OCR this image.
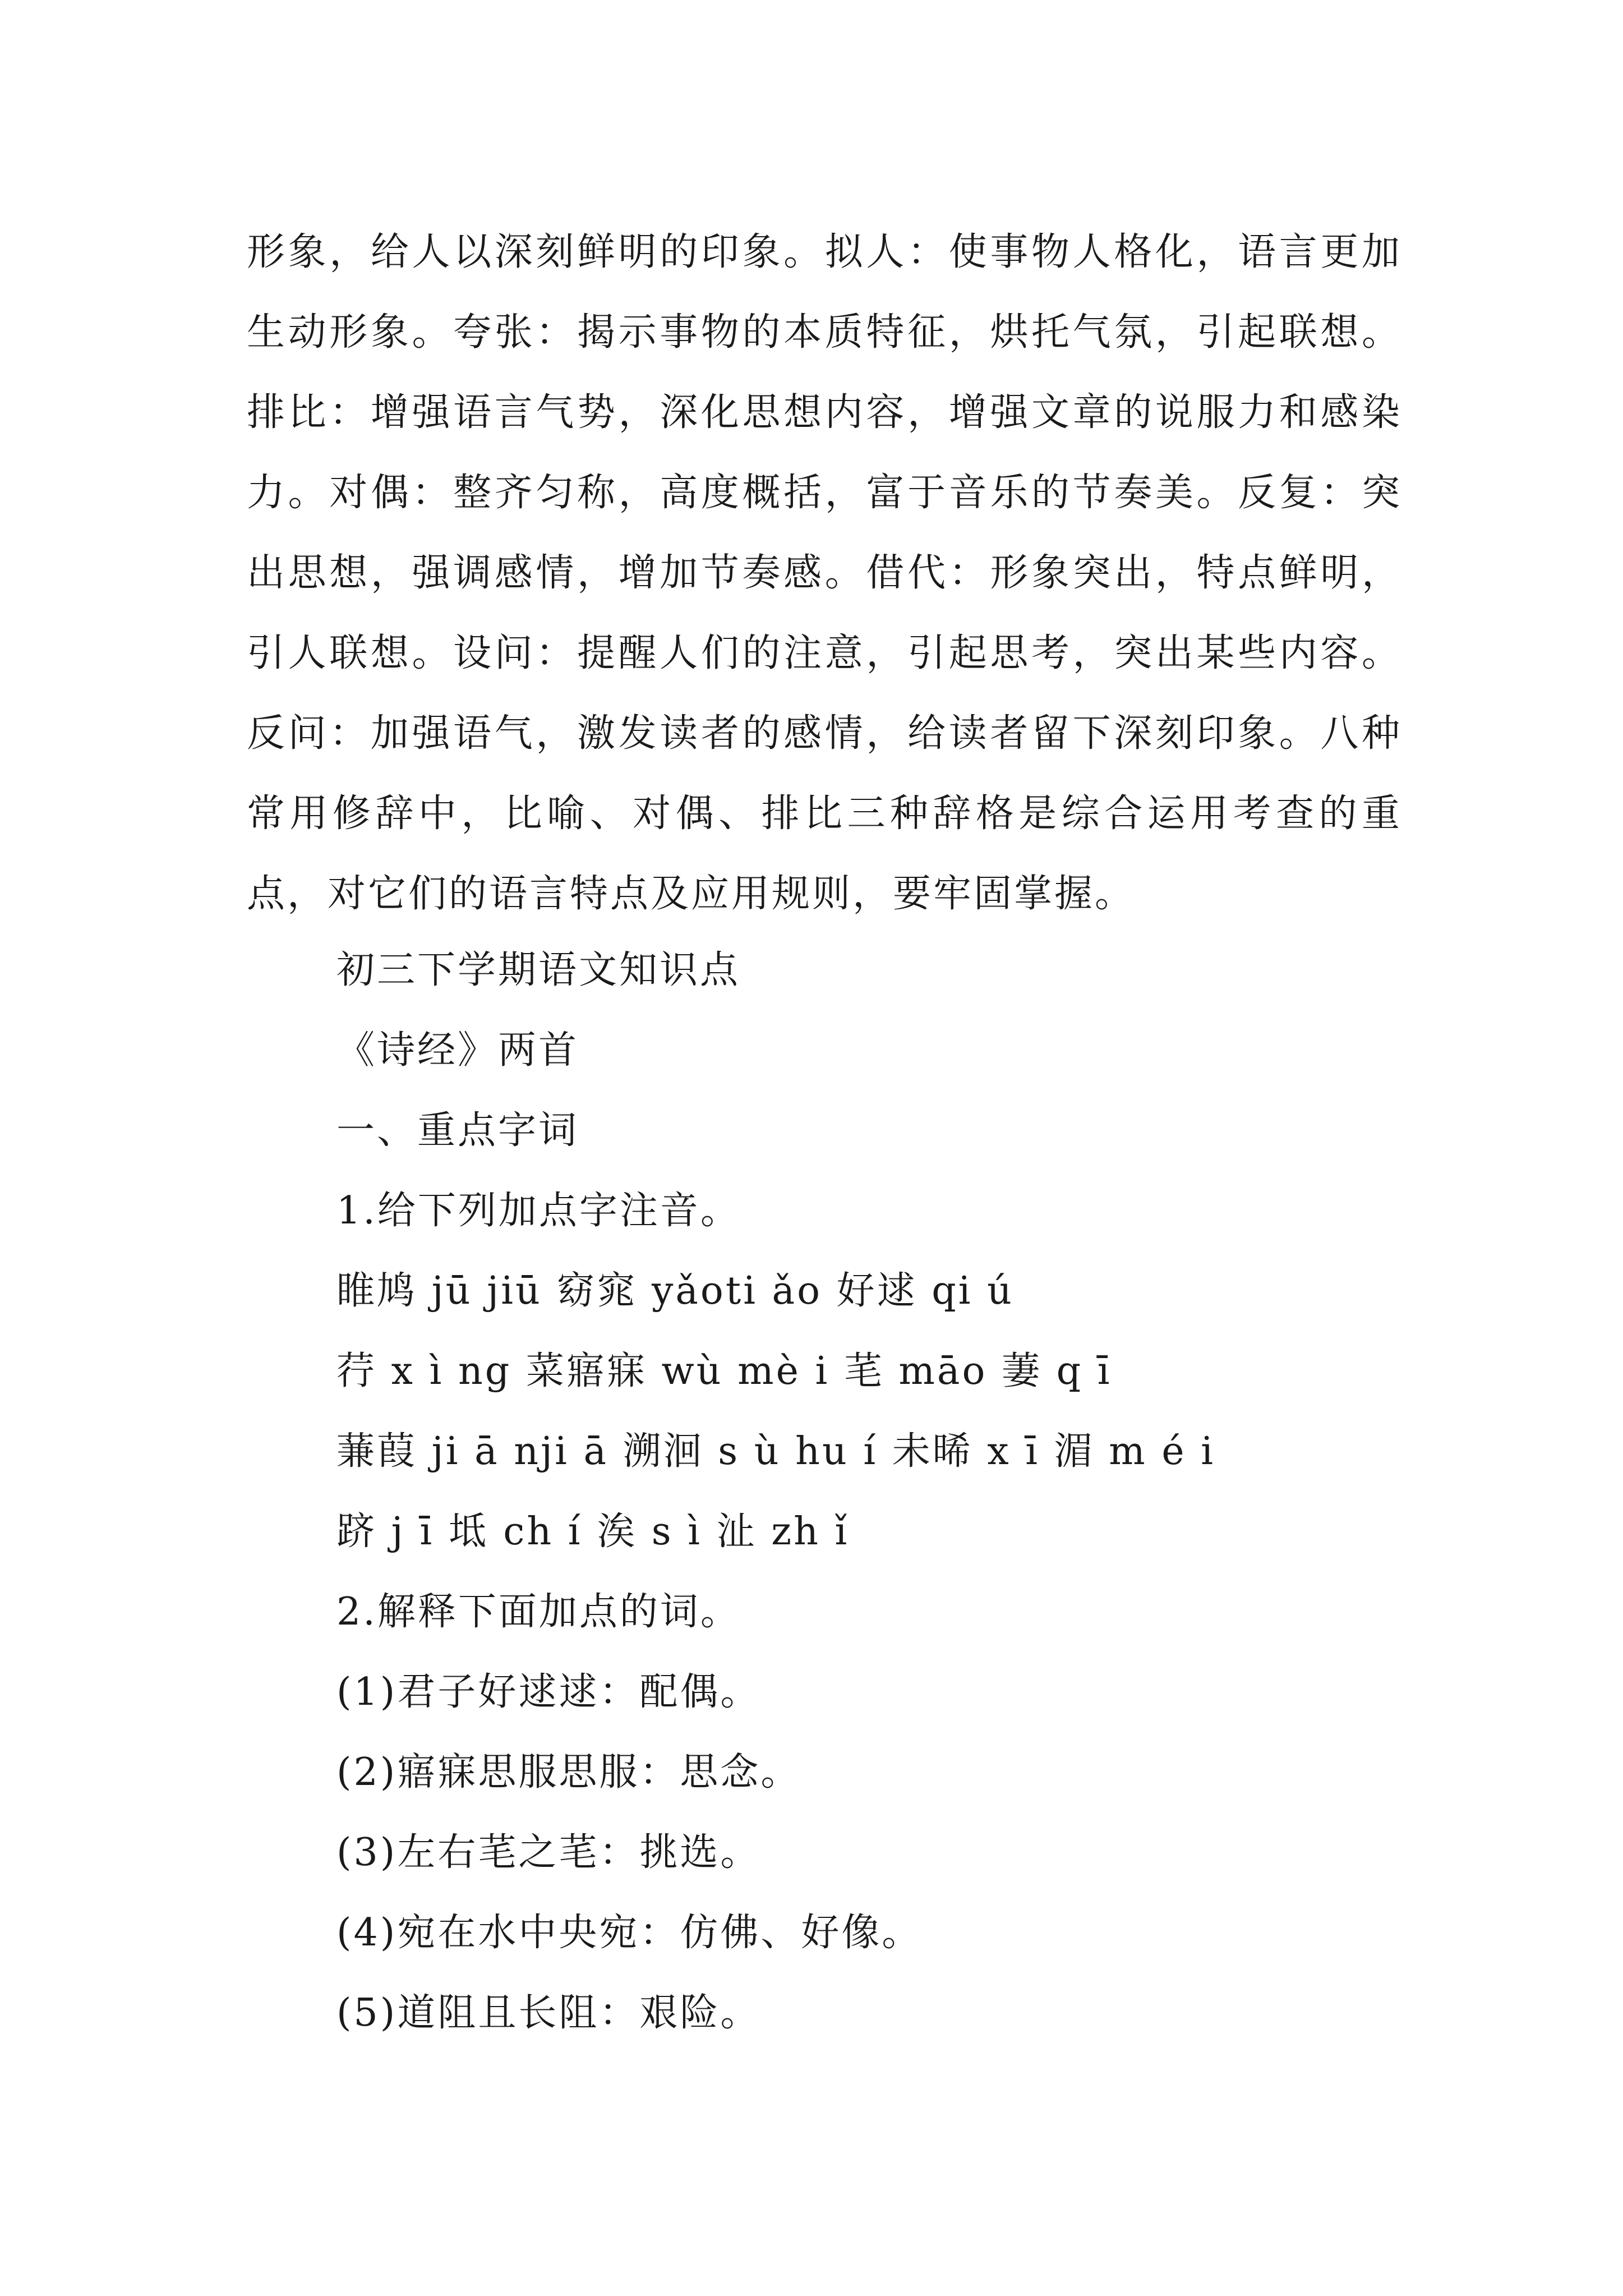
形象，给人以深刻鲜明的印象。拟人：使事物人格化，语言更加生动形象。夸张：揭示事物的本质特征，烘托气氛，引起联想。排比：增强语言气势，深化思想内容，增强文章的说服力和感染力。对偶：整齐匀称，高度概括，富于音乐的节奏美。反复：突出思想，强调感情，增加节奏感。借代：形象突出，特点鲜明，引人联想。设问：提醒人们的注意，引起思考，突出某些内容。反问：加强语气，激发读者的感情，给读者留下深刻印象。八种常用修辞中，比喻、对偶、排比三种辞格是综合运用考查的重点，对它们的语言特点及应用规则，要牢固掌握。
初三下学期语文知识点
《诗经》两首
一、重点字词
1.给下列加点字注音。
睢鸠 jū jiū 窈窕 yǎoti ǎo 好逑 qi ú
荇 x ì ng 菜寤寐 wù mè i 芼 māo 萋 q ī
蒹葭 ji ā nji ā 溯洄 s ù hu í 未晞 x ī 湄 m é i
跻 j ī 坻 ch í 涘 s ì 沚 zh ǐ
2.解释下面加点的词。
(1)君子好逑逑：配偶。
(2)寤寐思服思服：思念。
(3)左右芼之芼：挑选。
(4)宛在水中央宛：仿佛、好像。
(5)道阻且长阻：艰险。
